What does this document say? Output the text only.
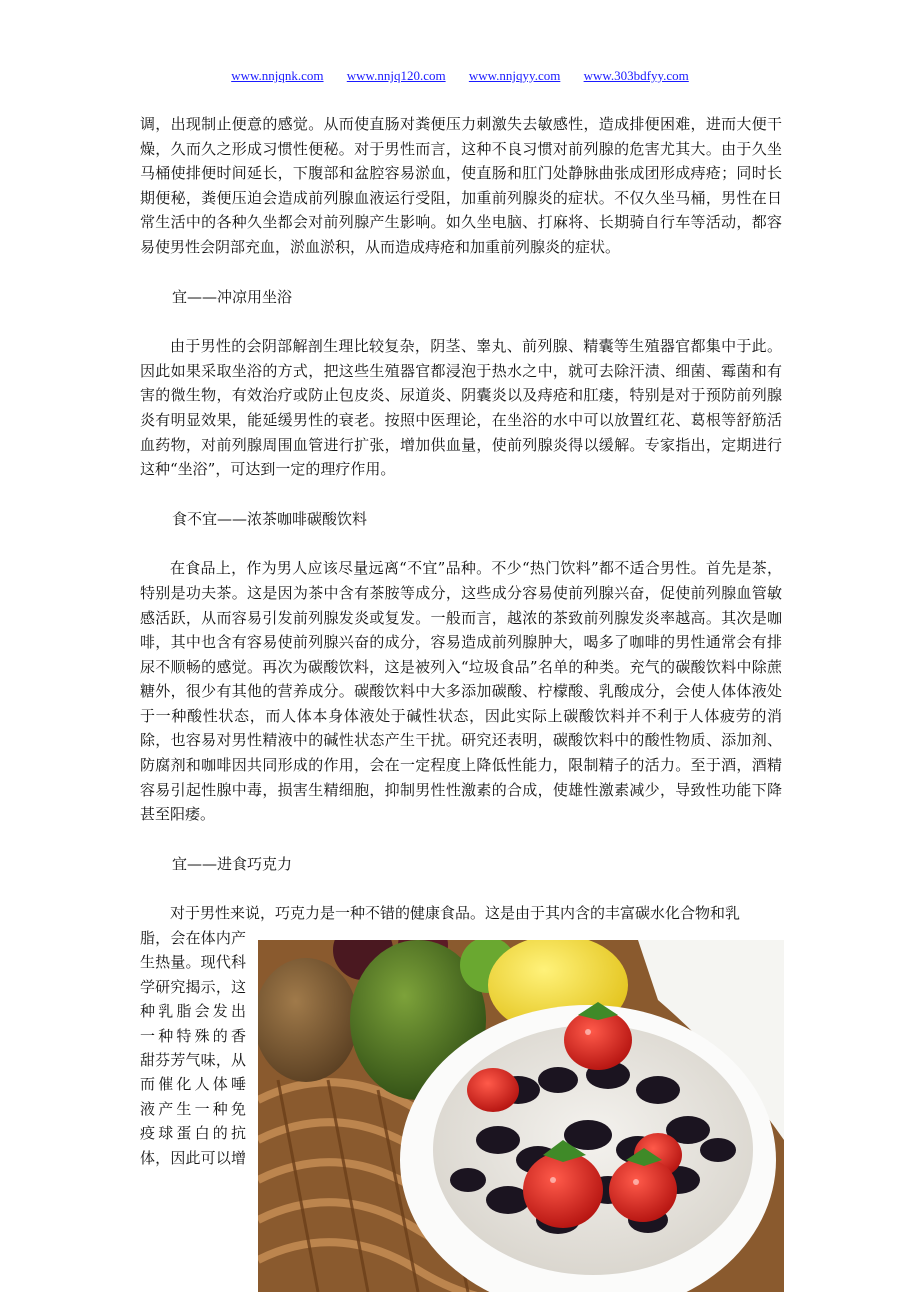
www.nnjqnk.com www.nnjq120.com www.nnjqyy.com www.303bdfyy.com

调，出现制止便意的感觉。从而使直肠对粪便压力刺激失去敏感性，造成排便困难，进而大便干燥，久而久之形成习惯性便秘。对于男性而言，这种不良习惯对前列腺的危害尤其大。由于久坐马桶使排便时间延长，下腹部和盆腔容易淤血，使直肠和肛门处静脉曲张成团形成痔疮；同时长期便秘，粪便压迫会造成前列腺血液运行受阻，加重前列腺炎的症状。不仅久坐马桶，男性在日常生活中的各种久坐都会对前列腺产生影响。如久坐电脑、打麻将、长期骑自行车等活动，都容易使男性会阴部充血，淤血淤积，从而造成痔疮和加重前列腺炎的症状。

宜——冲凉用坐浴

由于男性的会阴部解剖生理比较复杂，阴茎、睾丸、前列腺、精囊等生殖器官都集中于此。因此如果采取坐浴的方式，把这些生殖器官都浸泡于热水之中，就可去除汗渍、细菌、霉菌和有害的微生物，有效治疗或防止包皮炎、尿道炎、阴囊炎以及痔疮和肛瘘，特别是对于预防前列腺炎有明显效果，能延缓男性的衰老。按照中医理论，在坐浴的水中可以放置红花、葛根等舒筋活血药物，对前列腺周围血管进行扩张，增加供血量，使前列腺炎得以缓解。专家指出，定期进行这种“坐浴”，可达到一定的理疗作用。

食不宜——浓茶咖啡碳酸饮料

在食品上，作为男人应该尽量远离“不宜”品种。不少“热门饮料”都不适合男性。首先是茶，特别是功夫茶。这是因为茶中含有茶胺等成分，这些成分容易使前列腺兴奋，促使前列腺血管敏感活跃，从而容易引发前列腺发炎或复发。一般而言，越浓的茶致前列腺发炎率越高。其次是咖啡，其中也含有容易使前列腺兴奋的成分，容易造成前列腺肿大，喝多了咖啡的男性通常会有排尿不顺畅的感觉。再次为碳酸饮料，这是被列入“垃圾食品”名单的种类。充气的碳酸饮料中除蔗糖外，很少有其他的营养成分。碳酸饮料中大多添加碳酸、柠檬酸、乳酸成分，会使人体体液处于一种酸性状态，而人体本身体液处于碱性状态，因此实际上碳酸饮料并不利于人体疲劳的消除，也容易对男性精液中的碱性状态产生干扰。研究还表明，碳酸饮料中的酸性物质、添加剂、防腐剂和咖啡因共同形成的作用，会在一定程度上降低性能力，限制精子的活力。至于酒，酒精容易引起性腺中毒，损害生精细胞，抑制男性性激素的合成，使雄性激素减少，导致性功能下降甚至阳痿。

宜——进食巧克力

对于男性来说，巧克力是一种不错的健康食品。这是由于其内含的丰富碳水化合物和乳

脂，会在体内产
生热量。现代科
学研究揭示，这
种乳脂会发出
一种特殊的香
甜芬芳气味，从
而催化人体唾
液产生一种免
疫球蛋白的抗
体，因此可以增
